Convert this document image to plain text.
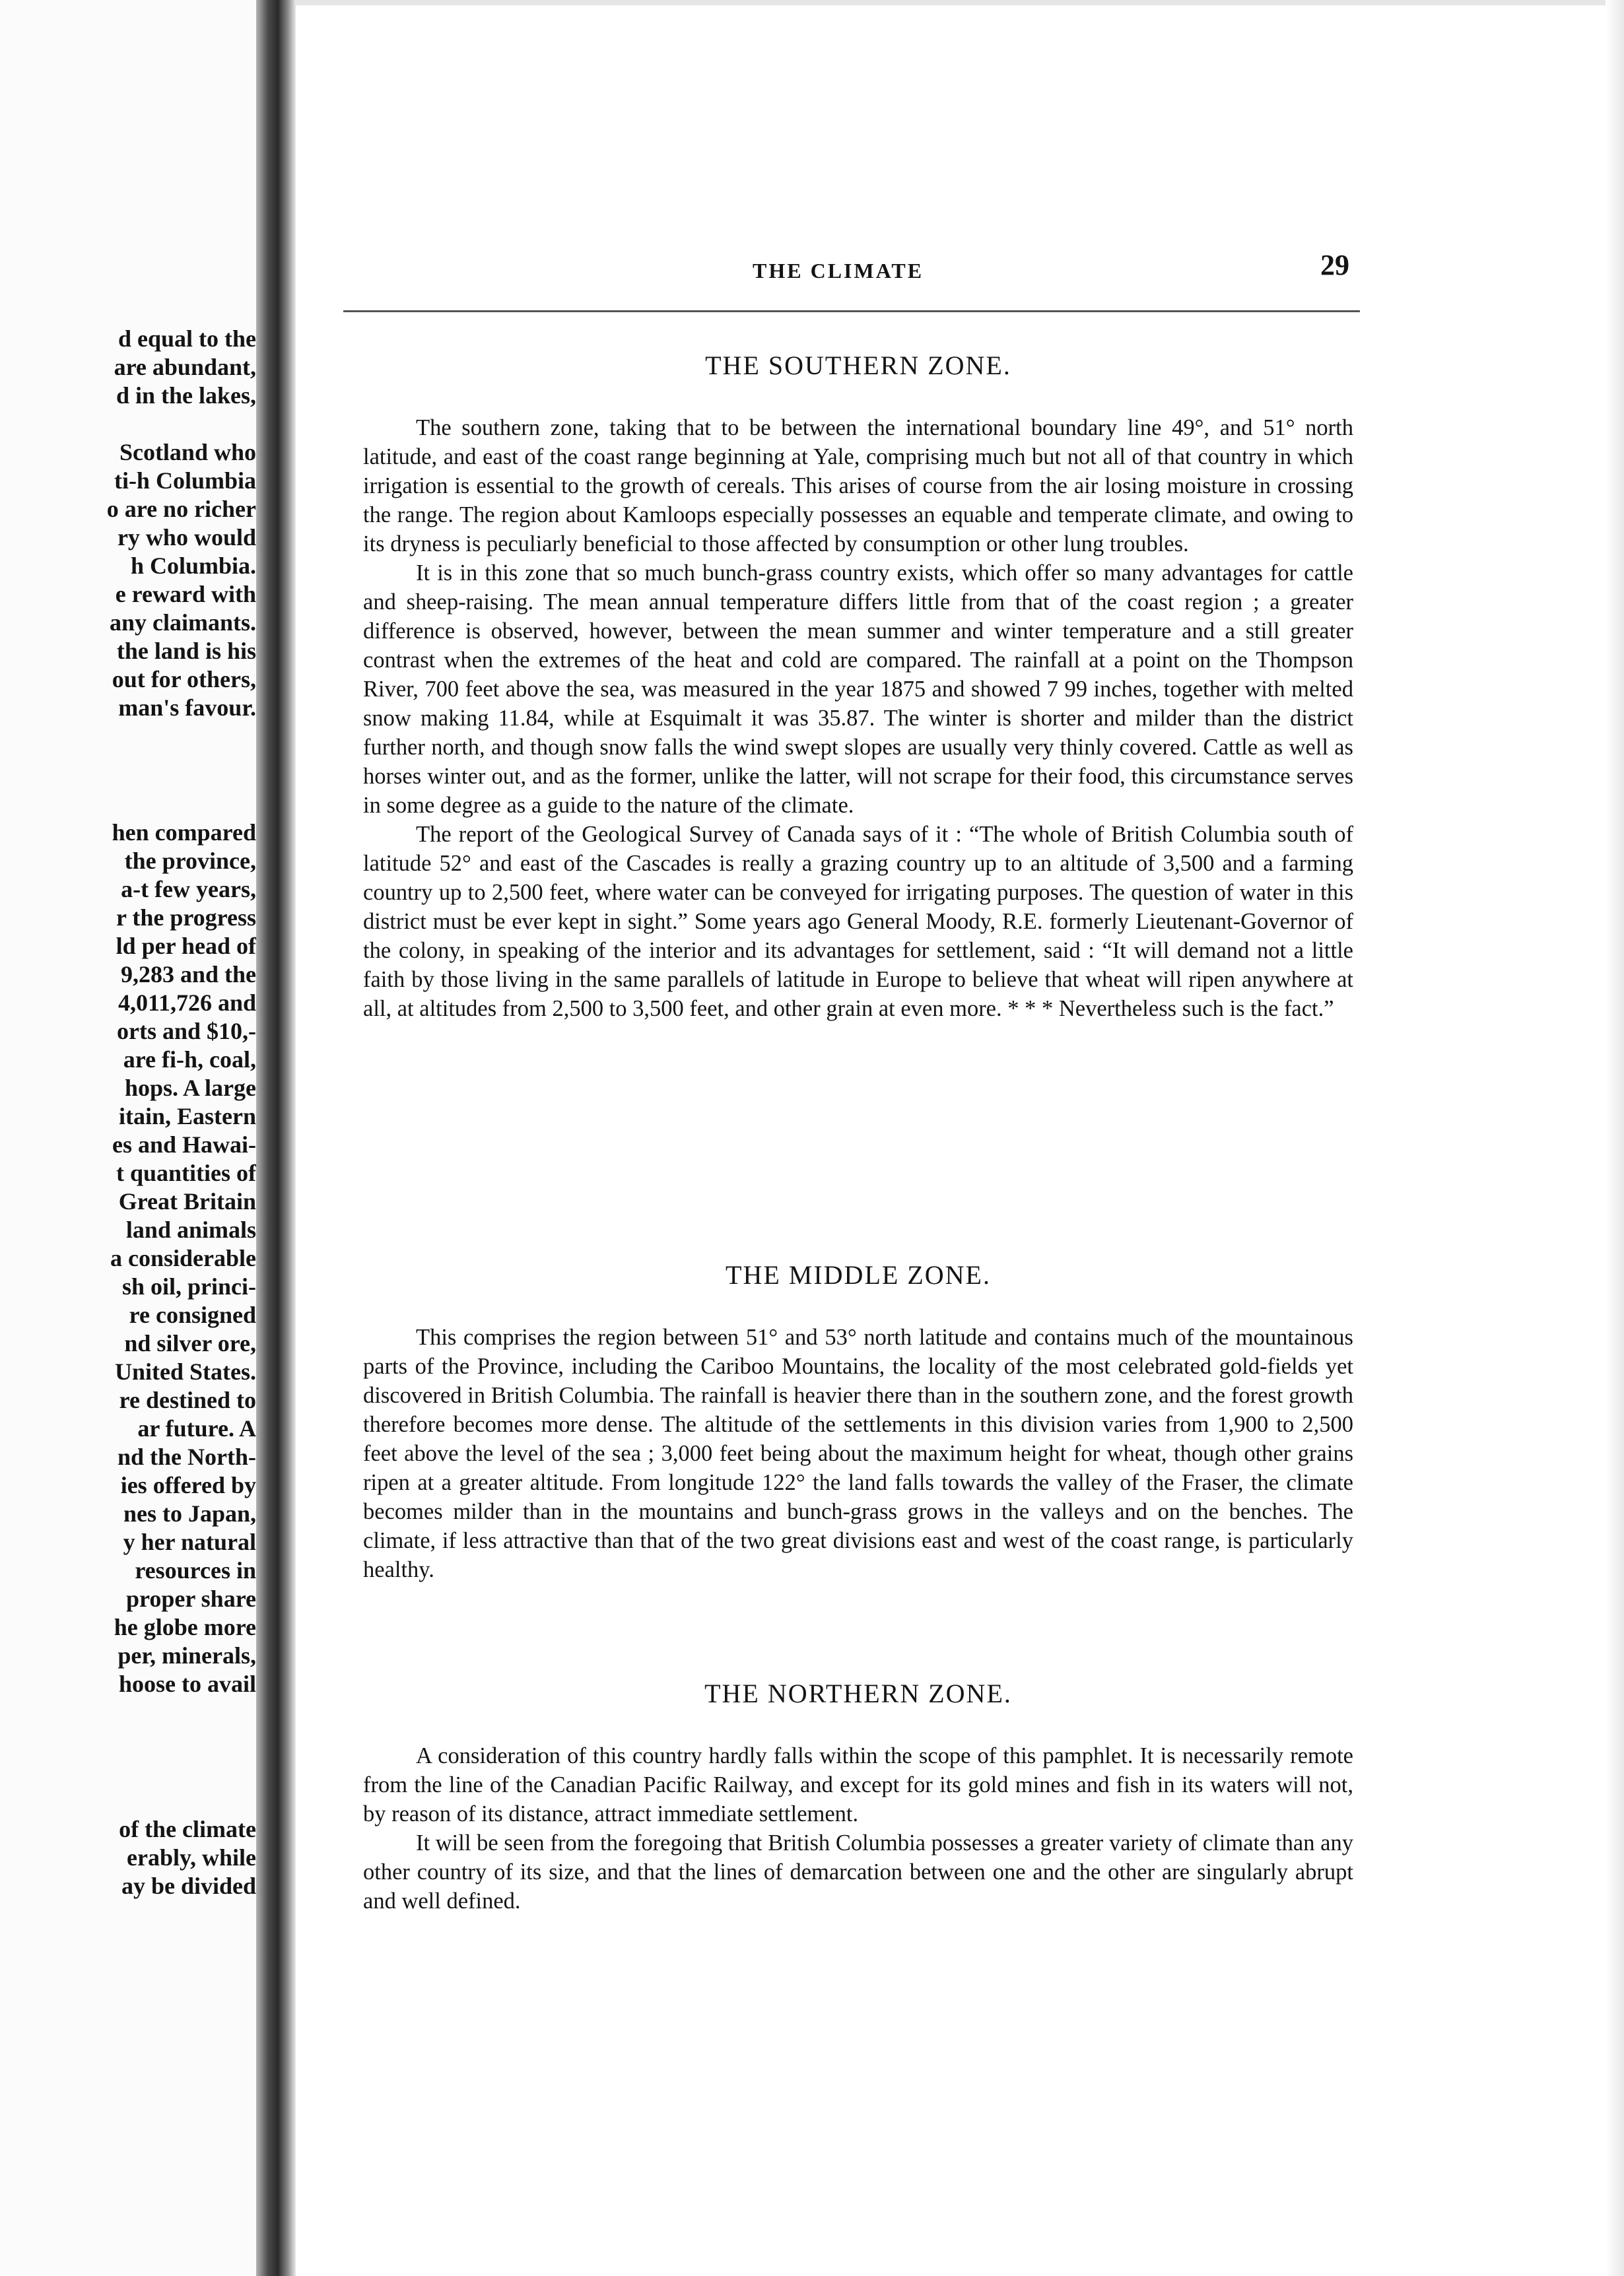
d equal to the
are abundant,
d in the lakes,
Scotland who
ti-h Columbia
o are no richer
ry who would
h Columbia.
e reward with
any claimants.
the land is his
out for others,
man's favour.
hen compared
the province,
a-t few years,
r the progress
ld per head of
9,283 and the
4,011,726 and
orts and $10,-
are fi-h, coal,
hops. A large
itain, Eastern
es and Hawai-
t quantities of
Great Britain
land animals
a considerable
sh oil, princi-
re consigned
nd silver ore,
United States.
re destined to
ar future. A
nd the North-
ies offered by
nes to Japan,
y her natural
resources in
proper share
he globe more
per, minerals,
hoose to avail
of the climate
erably, while
ay be divided
THE CLIMATE	29
THE SOUTHERN ZONE.

The southern zone, taking that to be between the international boundary line 49°, and 51° north latitude, and east of the coast range beginning at Yale, comprising much but not all of that country in which irrigation is essential to the growth of cereals. This arises of course from the air losing moisture in crossing the range. The region about Kamloops especially possesses an equable and temperate climate, and owing to its dryness is peculiarly beneficial to those affected by consumption or other lung troubles.

It is in this zone that so much bunch-grass country exists, which offer so many advantages for cattle and sheep-raising. The mean annual temperature differs little from that of the coast region ; a greater difference is observed, however, between the mean summer and winter temperature and a still greater contrast when the extremes of the heat and cold are compared. The rainfall at a point on the Thompson River, 700 feet above the sea, was measured in the year 1875 and showed 7 99 inches, together with melted snow making 11.84, while at Esquimalt it was 35.87. The winter is shorter and milder than the district further north, and though snow falls the wind swept slopes are usually very thinly covered. Cattle as well as horses winter out, and as the former, unlike the latter, will not scrape for their food, this circumstance serves in some degree as a guide to the nature of the climate.

The report of the Geological Survey of Canada says of it : “The whole of British Columbia south of latitude 52° and east of the Cascades is really a grazing country up to an altitude of 3,500 and a farming country up to 2,500 feet, where water can be conveyed for irrigating purposes. The question of water in this district must be ever kept in sight.” Some years ago General Moody, R.E. formerly Lieutenant-Governor of the colony, in speaking of the interior and its advantages for settlement, said : “It will demand not a little faith by those living in the same parallels of latitude in Europe to believe that wheat will ripen anywhere at all, at altitudes from 2,500 to 3,500 feet, and other grain at even more. * * * Nevertheless such is the fact.”

THE MIDDLE ZONE.

This comprises the region between 51° and 53° north latitude and contains much of the mountainous parts of the Province, including the Cariboo Mountains, the locality of the most celebrated gold-fields yet discovered in British Columbia. The rainfall is heavier there than in the southern zone, and the forest growth therefore becomes more dense. The altitude of the settlements in this division varies from 1,900 to 2,500 feet above the level of the sea ; 3,000 feet being about the maximum height for wheat, though other grains ripen at a greater altitude. From longitude 122° the land falls towards the valley of the Fraser, the climate becomes milder than in the mountains and bunch-grass grows in the valleys and on the benches. The climate, if less attractive than that of the two great divisions east and west of the coast range, is particularly healthy.

THE NORTHERN ZONE.

A consideration of this country hardly falls within the scope of this pamphlet. It is necessarily remote from the line of the Canadian Pacific Railway, and except for its gold mines and fish in its waters will not, by reason of its distance, attract immediate settlement.

It will be seen from the foregoing that British Columbia possesses a greater variety of climate than any other country of its size, and that the lines of demarcation between one and the other are singularly abrupt and well defined.
